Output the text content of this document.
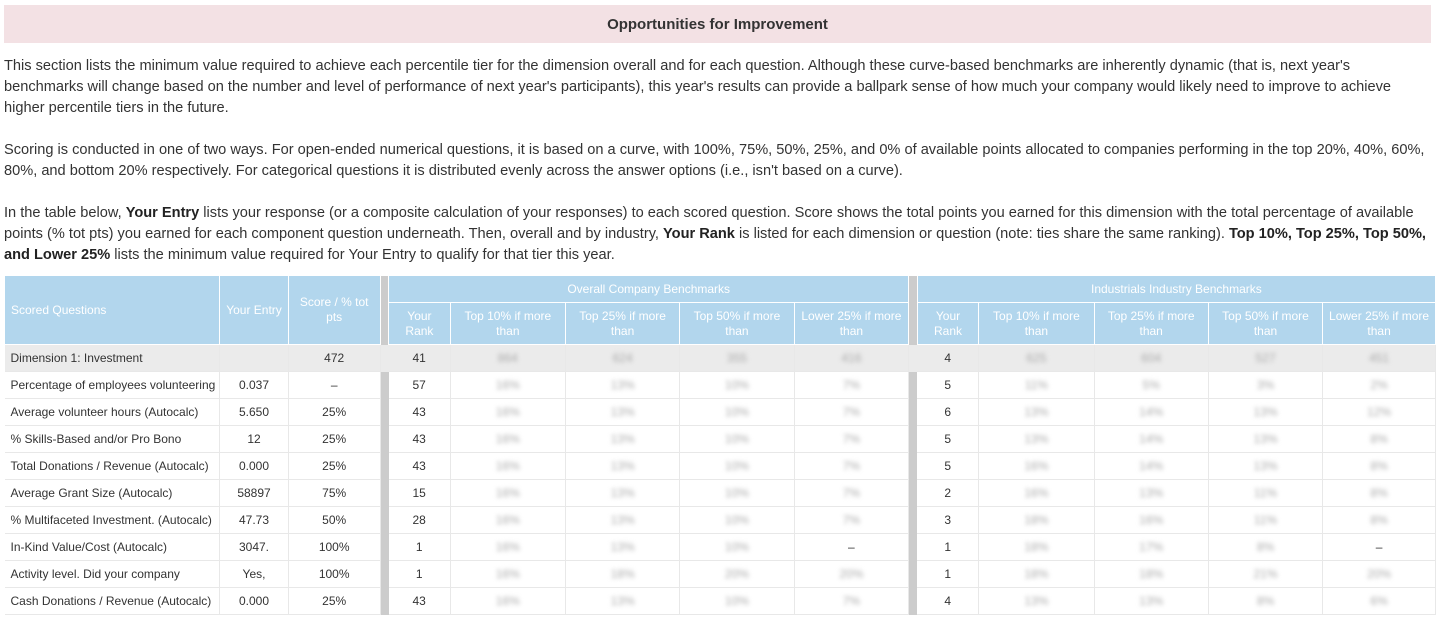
Opportunities for Improvement

This section lists the minimum value required to achieve each percentile tier for the dimension overall and for each question. Although these curve-based benchmarks are inherently dynamic (that is, next year's benchmarks will change based on the number and level of performance of next year's participants), this year's results can provide a ballpark sense of how much your company would likely need to improve to achieve higher percentile tiers in the future.

Scoring is conducted in one of two ways. For open-ended numerical questions, it is based on a curve, with 100%, 75%, 50%, 25%, and 0% of available points allocated to companies performing in the top 20%, 40%, 60%, 80%, and bottom 20% respectively. For categorical questions it is distributed evenly across the answer options (i.e., isn't based on a curve).

In the table below, Your Entry lists your response (or a composite calculation of your responses) to each scored question. Score shows the total points you earned for this dimension with the total percentage of available points (% tot pts) you earned for each component question underneath. Then, overall and by industry, Your Rank is listed for each dimension or question (note: ties share the same ranking). Top 10%, Top 25%, Top 50%, and Lower 25% lists the minimum value required for Your Entry to qualify for that tier this year.

Scored Questions	Your Entry	Score / % tot pts		Overall Company Benchmarks						Industrials Industry Benchmarks				
				Your Rank	Top 10% if more than	Top 25% if more than	Top 50% if more than	Lower 25% if more than		Your Rank	Top 10% if more than	Top 25% if more than	Top 50% if more than	Lower 25% if more than
Dimension 1: Investment		472		41	864	624	355	416		4	625	604	527	451
Percentage of employees volunteering	0.037	–		57	16%	13%	10%	7%		5	11%	5%	3%	2%
Average volunteer hours (Autocalc)	5.650	25%		43	16%	13%	10%	7%		6	13%	14%	13%	12%
% Skills-Based and/or Pro Bono	12	25%		43	16%	13%	10%	7%		5	13%	14%	13%	8%
Total Donations / Revenue (Autocalc)	0.000	25%		43	16%	13%	10%	7%		5	16%	14%	13%	8%
Average Grant Size (Autocalc)	58897	75%		15	16%	13%	10%	7%		2	16%	13%	11%	8%
% Multifaceted Investment. (Autocalc)	47.73	50%		28	16%	13%	10%	7%		3	18%	16%	11%	8%
In-Kind Value/Cost (Autocalc)	3047.	100%		1	16%	13%	10%	–		1	18%	17%	8%	–
Activity level. Did your company	Yes,	100%		1	16%	18%	20%	20%		1	18%	18%	21%	20%
Cash Donations / Revenue (Autocalc)	0.000	25%		43	16%	13%	10%	7%		4	13%	13%	8%	6%
